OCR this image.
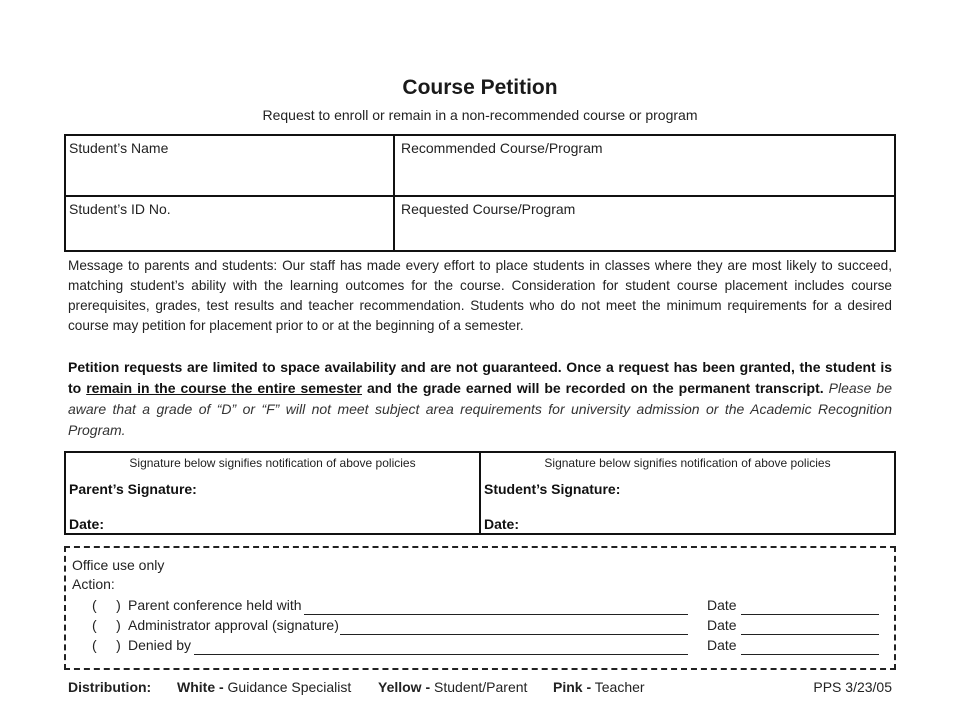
Course Petition
Request to enroll or remain in a non-recommended course or program
Student’s Name	Recommended Course/Program
Student’s ID No.	Requested Course/Program
Message to parents and students: Our staff has made every effort to place students in classes where they are most likely to succeed, matching student’s ability with the learning outcomes for the course. Consideration for student course placement includes course prerequisites, grades, test results and teacher recommendation. Students who do not meet the minimum requirements for a desired course may petition for placement prior to or at the beginning of a semester.
Petition requests are limited to space availability and are not guaranteed. Once a request has been granted, the student is to remain in the course the entire semester and the grade earned will be recorded on the permanent transcript. Please be aware that a grade of “D” or “F” will not meet subject area requirements for university admission or the Academic Recognition Program.
Signature below signifies notification of above policies	Signature below signifies notification of above policies
Parent’s Signature:
Date:
Student’s Signature:
Date:
Office use only
Action:
(     ) Parent conference held with	Date
(     ) Administrator approval (signature)	Date
(     ) Denied by	Date
Distribution: White - Guidance Specialist Yellow - Student/Parent Pink - Teacher	PPS 3/23/05
